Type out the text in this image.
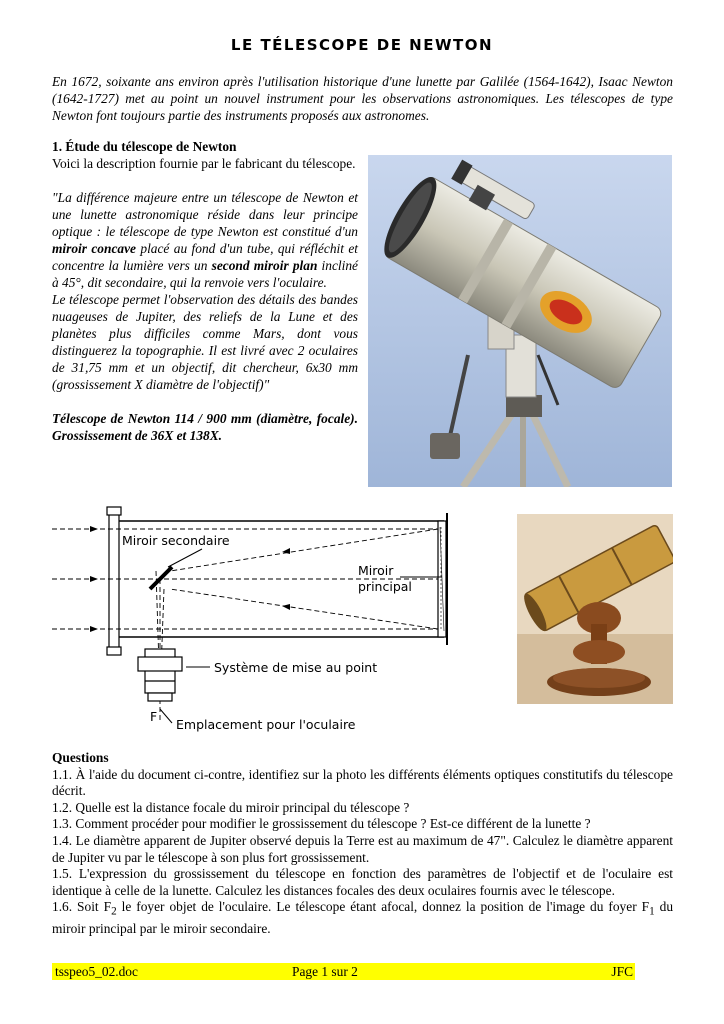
LE TÉLESCOPE DE NEWTON
En 1672, soixante ans environ après l'utilisation historique d'une lunette par Galilée (1564-1642), Isaac Newton (1642-1727) met au point un nouvel instrument pour les observations astronomiques. Les télescopes de type Newton font toujours partie des instruments proposés aux astronomes.

1. Étude du télescope de Newton

Voici la description fournie par le fabricant du télescope.

"La différence majeure entre un télescope de Newton et une lunette astronomique réside dans leur principe optique : le télescope de type Newton est constitué d'un miroir concave placé au fond d'un tube, qui réfléchit et concentre la lumière vers un second miroir plan incliné à 45°, dit secondaire, qui la renvoie vers l'oculaire.

Le télescope permet l'observation des détails des bandes nuageuses de Jupiter, des reliefs de la Lune et des planètes plus difficiles comme Mars, dont vous distinguerez la topographie. Il est livré avec 2 oculaires de 31,75 mm et un objectif, dit chercheur, 6x30 mm (grossissement X diamètre de l'objectif)"

Télescope de Newton 114 / 900 mm (diamètre, focale). Grossissement de 36X et 138X.

Miroir secondaire
Miroir
principal
Système de mise au point
F
Emplacement pour l'oculaire

Questions

1.1. À l'aide du document ci-contre, identifiez sur la photo les différents éléments optiques constitutifs du télescope décrit.

1.2. Quelle est la distance focale du miroir principal du télescope ?

1.3. Comment procéder pour modifier le grossissement du télescope ? Est-ce différent de la lunette ?

1.4. Le diamètre apparent de Jupiter observé depuis la Terre est au maximum de 47". Calculez le diamètre apparent de Jupiter vu par le télescope à son plus fort grossissement.

1.5. L'expression du grossissement du télescope en fonction des paramètres de l'objectif et de l'oculaire est identique à celle de la lunette. Calculez les distances focales des deux oculaires fournis avec le télescope.

1.6. Soit $F_2$ le foyer objet de l'oculaire. Le télescope étant afocal, donnez la position de l'image du foyer $F_1$ du miroir principal par le miroir secondaire.

tsspeo5_02.doc	Page 1 sur 2	JFC
